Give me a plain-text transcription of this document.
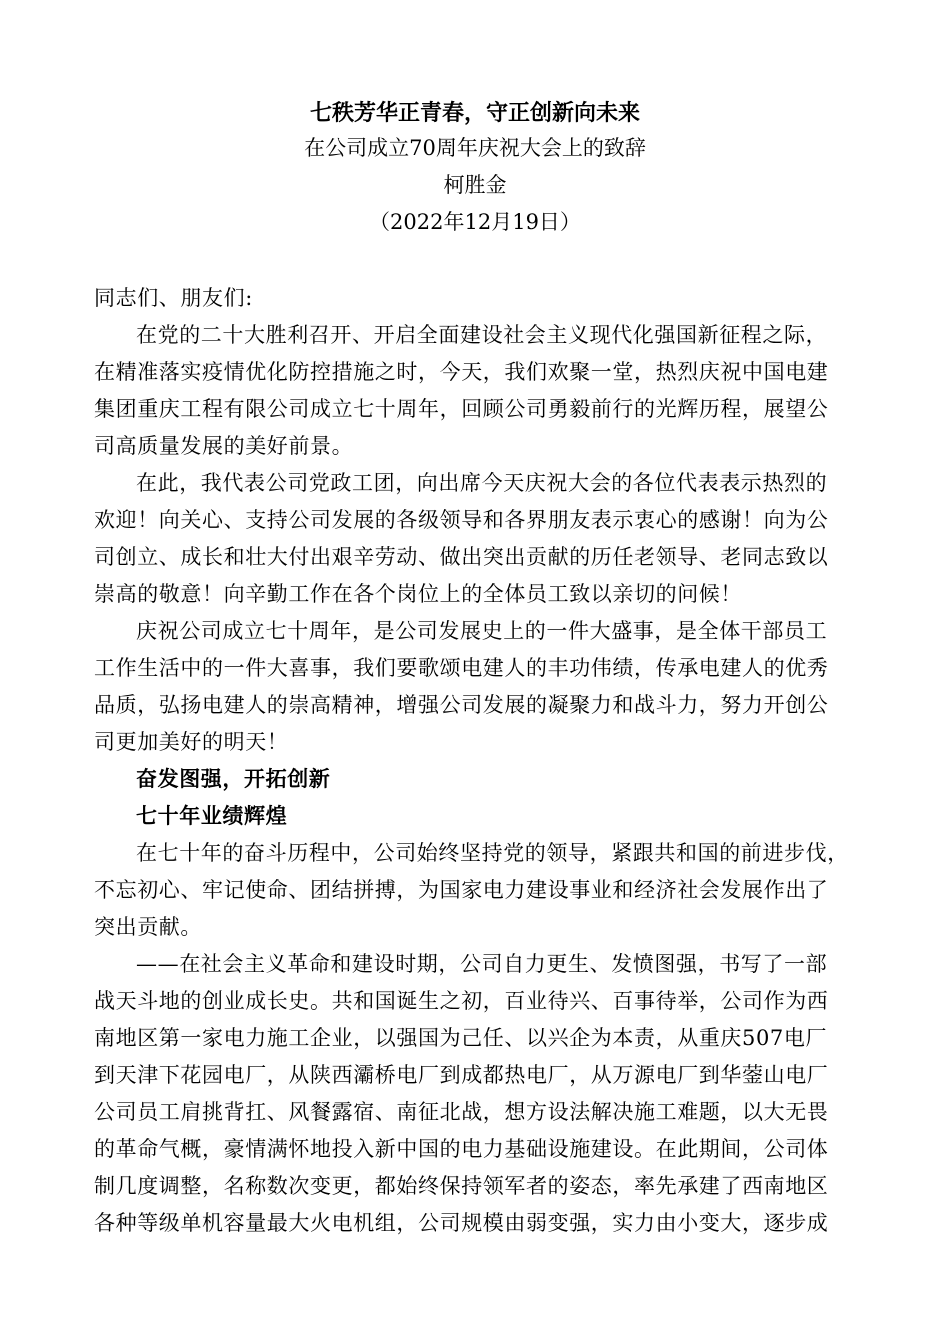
七秩芳华正青春，守正创新向未来
在公司成立70周年庆祝大会上的致辞
柯胜金
（2022年12月19日）
同志们、朋友们:
在党的二十大胜利召开、开启全面建设社会主义现代化强国新征程之际，
在精准落实疫情优化防控措施之时，今天，我们欢聚一堂，热烈庆祝中国电建
集团重庆工程有限公司成立七十周年，回顾公司勇毅前行的光辉历程，展望公
司高质量发展的美好前景。
在此，我代表公司党政工团，向出席今天庆祝大会的各位代表表示热烈的
欢迎！向关心、支持公司发展的各级领导和各界朋友表示衷心的感谢！向为公
司创立、成长和壮大付出艰辛劳动、做出突出贡献的历任老领导、老同志致以
崇高的敬意！向辛勤工作在各个岗位上的全体员工致以亲切的问候！
庆祝公司成立七十周年，是公司发展史上的一件大盛事，是全体干部员工
工作生活中的一件大喜事，我们要歌颂电建人的丰功伟绩，传承电建人的优秀
品质，弘扬电建人的崇高精神，增强公司发展的凝聚力和战斗力，努力开创公
司更加美好的明天！
奋发图强，开拓创新
七十年业绩辉煌
在七十年的奋斗历程中，公司始终坚持党的领导，紧跟共和国的前进步伐，
不忘初心、牢记使命、团结拼搏，为国家电力建设事业和经济社会发展作出了
突出贡献。
——在社会主义革命和建设时期，公司自力更生、发愤图强，书写了一部
战天斗地的创业成长史。共和国诞生之初，百业待兴、百事待举，公司作为西
南地区第一家电力施工企业，以强国为己任、以兴企为本责，从重庆507电厂
到天津下花园电厂，从陕西灞桥电厂到成都热电厂，从万源电厂到华蓥山电厂
公司员工肩挑背扛、风餐露宿、南征北战，想方设法解决施工难题，以大无畏
的革命气概，豪情满怀地投入新中国的电力基础设施建设。在此期间，公司体
制几度调整，名称数次变更，都始终保持领军者的姿态，率先承建了西南地区
各种等级单机容量最大火电机组，公司规模由弱变强，实力由小变大，逐步成
